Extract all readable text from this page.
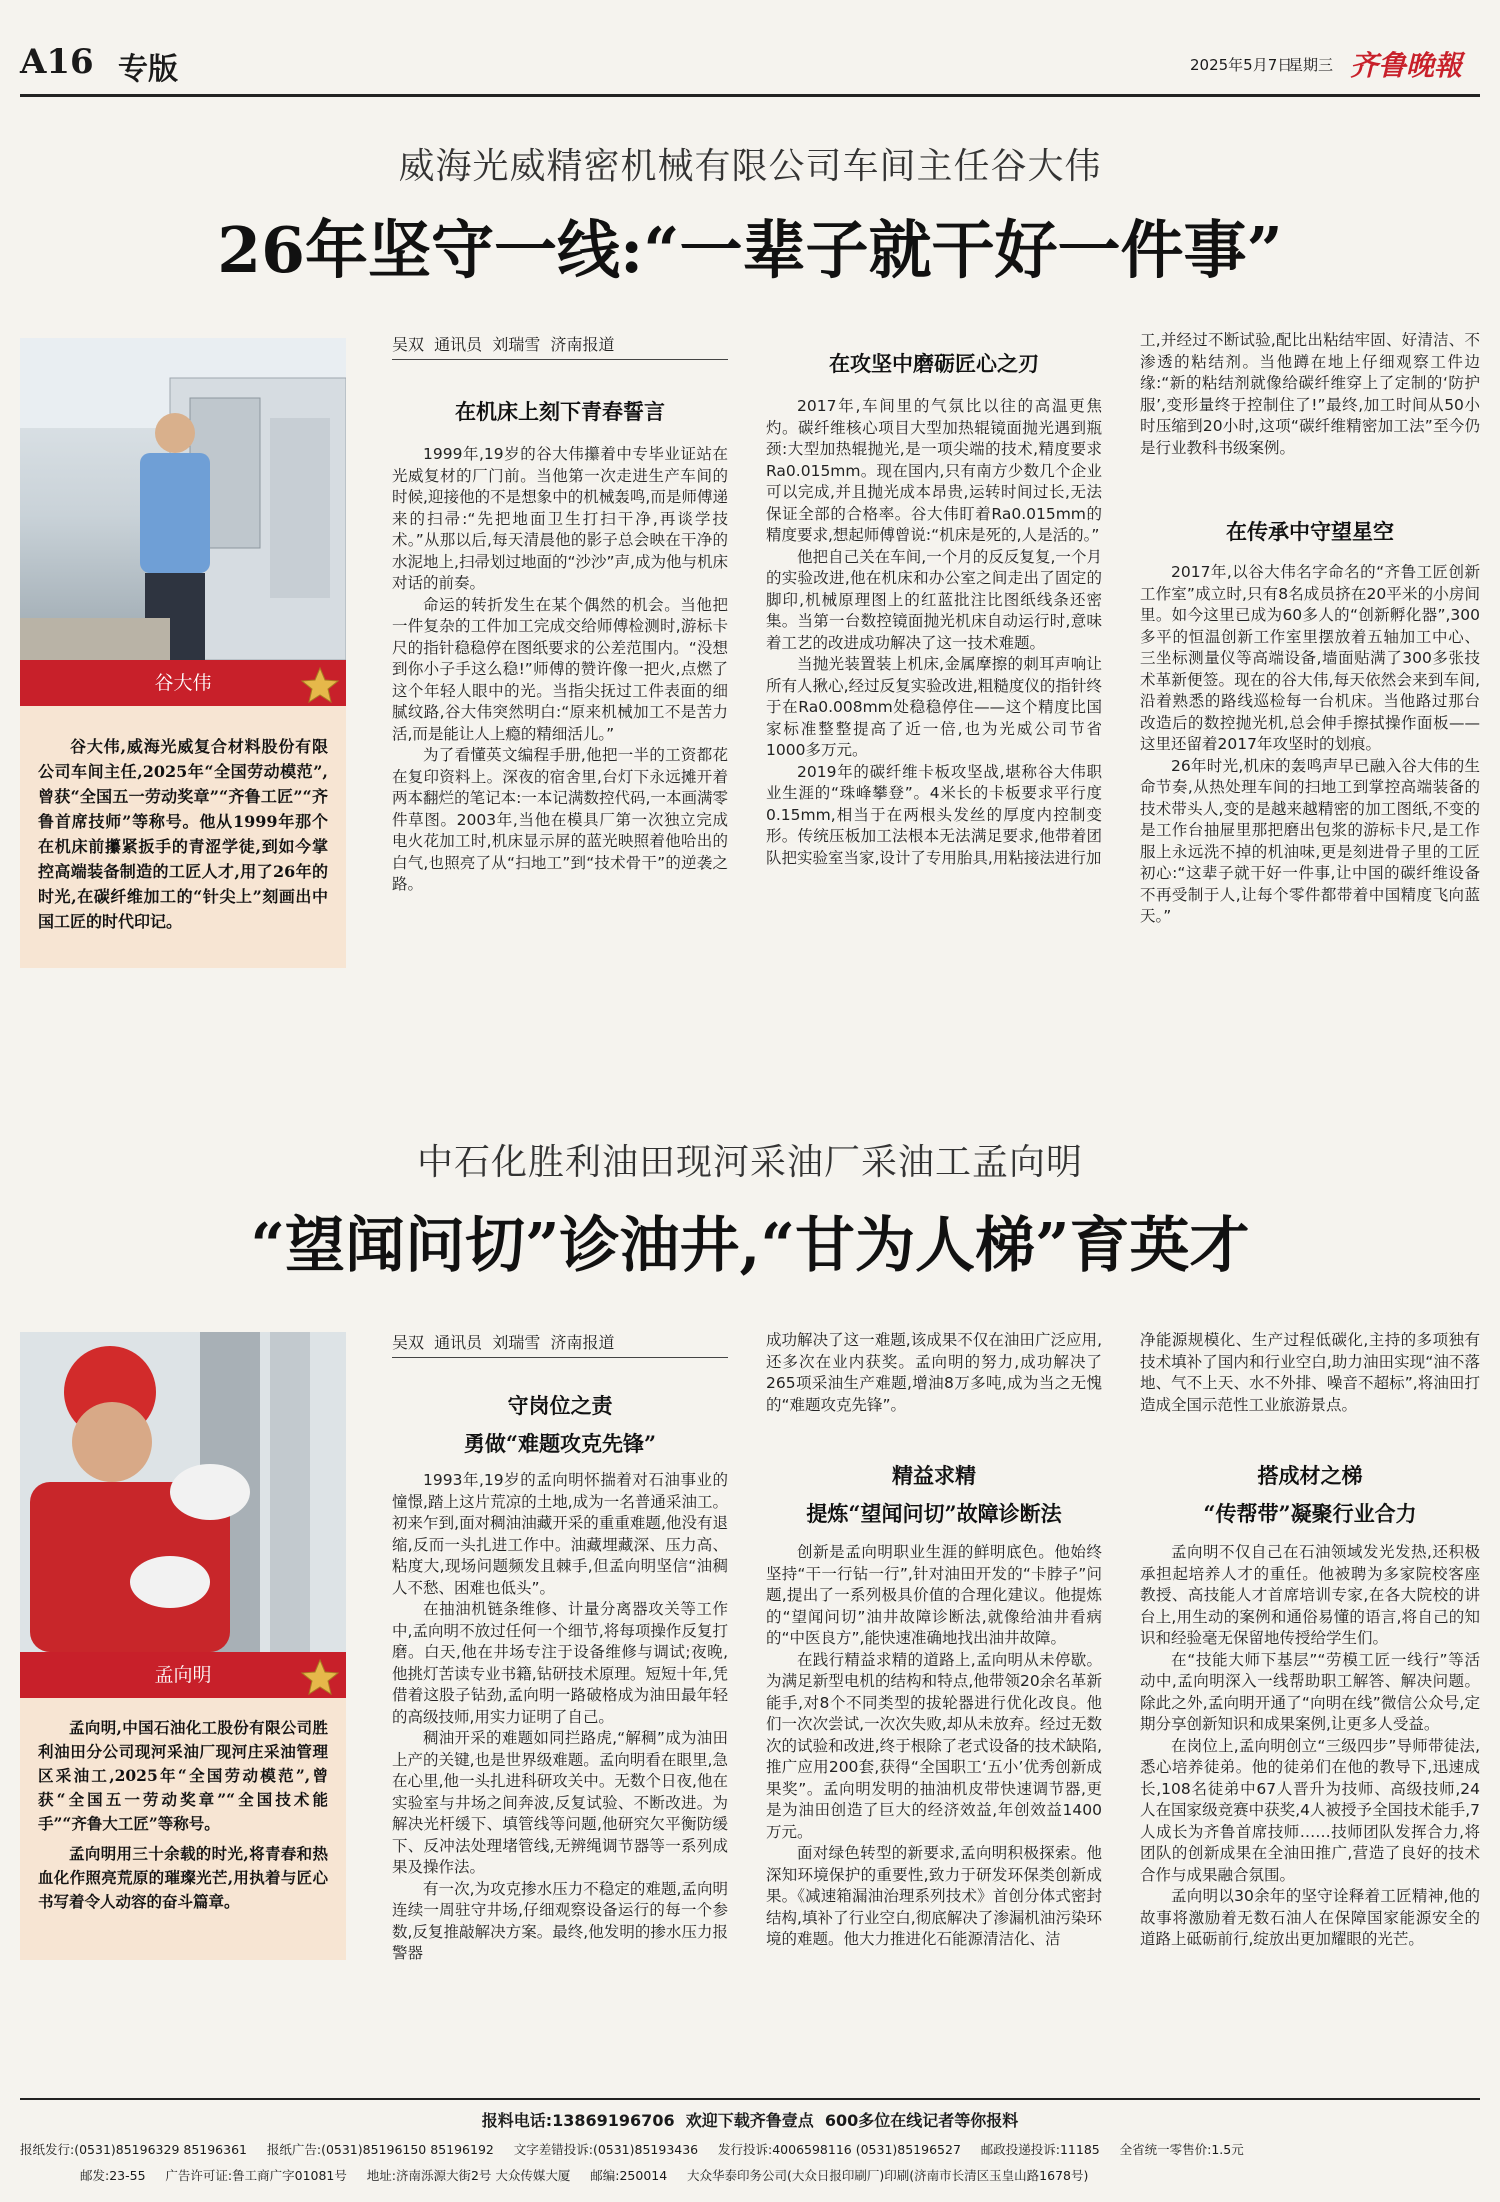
A16 专版	2025年5月7日
星期三 齐鲁晚報
威海光威精密机械有限公司车间主任谷大伟
26年坚守一线:“一辈子就干好一件事”
谷大伟

谷大伟,威海光威复合材料股份有限公司车间主任,2025年“全国劳动模范”,曾获“全国五一劳动奖章”“齐鲁工匠”“齐鲁首席技师”等称号。他从1999年那个在机床前攥紧扳手的青涩学徒,到如今掌控高端装备制造的工匠人才,用了26年的时光,在碳纤维加工的“针尖上”刻画出中国工匠的时代印记。

吴双  通讯员  刘瑞雪  济南报道
在机床上刻下青春誓言

1999年,19岁的谷大伟攥着中专毕业证站在光威复材的厂门前。当他第一次走进生产车间的时候,迎接他的不是想象中的机械轰鸣,而是师傅递来的扫帚:“先把地面卫生打扫干净,再谈学技术。”从那以后,每天清晨他的影子总会映在干净的水泥地上,扫帚划过地面的“沙沙”声,成为他与机床对话的前奏。

命运的转折发生在某个偶然的机会。当他把一件复杂的工件加工完成交给师傅检测时,游标卡尺的指针稳稳停在图纸要求的公差范围内。“没想到你小子手这么稳!”师傅的赞许像一把火,点燃了这个年轻人眼中的光。当指尖抚过工件表面的细腻纹路,谷大伟突然明白:“原来机械加工不是苦力活,而是能让人上瘾的精细活儿。”

为了看懂英文编程手册,他把一半的工资都花在复印资料上。深夜的宿舍里,台灯下永远摊开着两本翻烂的笔记本:一本记满数控代码,一本画满零件草图。2003年,当他在模具厂第一次独立完成电火花加工时,机床显示屏的蓝光映照着他哈出的白气,也照亮了从“扫地工”到“技术骨干”的逆袭之路。

在攻坚中磨砺匠心之刃

2017年,车间里的气氛比以往的高温更焦灼。碳纤维核心项目大型加热辊镜面抛光遇到瓶颈:大型加热辊抛光,是一项尖端的技术,精度要求Ra0.015mm。现在国内,只有南方少数几个企业可以完成,并且抛光成本昂贵,运转时间过长,无法保证全部的合格率。谷大伟盯着Ra0.015mm的精度要求,想起师傅曾说:“机床是死的,人是活的。”

他把自己关在车间,一个月的反反复复,一个月的实验改进,他在机床和办公室之间走出了固定的脚印,机械原理图上的红蓝批注比图纸线条还密集。当第一台数控镜面抛光机床自动运行时,意味着工艺的改进成功解决了这一技术难题。

当抛光装置装上机床,金属摩擦的刺耳声响让所有人揪心,经过反复实验改进,粗糙度仪的指针终于在Ra0.008mm处稳稳停住——这个精度比国家标准整整提高了近一倍,也为光威公司节省1000多万元。

2019年的碳纤维卡板攻坚战,堪称谷大伟职业生涯的“珠峰攀登”。4米长的卡板要求平行度0.15mm,相当于在两根头发丝的厚度内控制变形。传统压板加工法根本无法满足要求,他带着团队把实验室当家,设计了专用胎具,用粘接法进行加

工,并经过不断试验,配比出粘结牢固、好清洁、不渗透的粘结剂。当他蹲在地上仔细观察工件边缘:“新的粘结剂就像给碳纤维穿上了定制的‘防护服’,变形量终于控制住了!”最终,加工时间从50小时压缩到20小时,这项“碳纤维精密加工法”至今仍是行业教科书级案例。

在传承中守望星空

2017年,以谷大伟名字命名的“齐鲁工匠创新工作室”成立时,只有8名成员挤在20平米的小房间里。如今这里已成为60多人的“创新孵化器”,300多平的恒温创新工作室里摆放着五轴加工中心、三坐标测量仪等高端设备,墙面贴满了300多张技术革新便签。现在的谷大伟,每天依然会来到车间,沿着熟悉的路线巡检每一台机床。当他路过那台改造后的数控抛光机,总会伸手擦拭操作面板——这里还留着2017年攻坚时的划痕。

26年时光,机床的轰鸣声早已融入谷大伟的生命节奏,从热处理车间的扫地工到掌控高端装备的技术带头人,变的是越来越精密的加工图纸,不变的是工作台抽屉里那把磨出包浆的游标卡尺,是工作服上永远洗不掉的机油味,更是刻进骨子里的工匠初心:“这辈子就干好一件事,让中国的碳纤维设备不再受制于人,让每个零件都带着中国精度飞向蓝天。”

中石化胜利油田现河采油厂采油工孟向明
“望闻问切”诊油井,“甘为人梯”育英才
孟向明

孟向明,中国石油化工股份有限公司胜利油田分公司现河采油厂现河庄采油管理区采油工,2025年“全国劳动模范”,曾获“全国五一劳动奖章”“全国技术能手”“齐鲁大工匠”等称号。

孟向明用三十余载的时光,将青春和热血化作照亮荒原的璀璨光芒,用执着与匠心书写着令人动容的奋斗篇章。

吴双  通讯员  刘瑞雪  济南报道
守岗位之责
勇做“难题攻克先锋”

1993年,19岁的孟向明怀揣着对石油事业的憧憬,踏上这片荒凉的土地,成为一名普通采油工。初来乍到,面对稠油油藏开采的重重难题,他没有退缩,反而一头扎进工作中。油藏埋藏深、压力高、粘度大,现场问题频发且棘手,但孟向明坚信“油稠人不愁、困难也低头”。

在抽油机链条维修、计量分离器攻关等工作中,孟向明不放过任何一个细节,将每项操作反复打磨。白天,他在井场专注于设备维修与调试;夜晚,他挑灯苦读专业书籍,钻研技术原理。短短十年,凭借着这股子钻劲,孟向明一路破格成为油田最年轻的高级技师,用实力证明了自己。

稠油开采的难题如同拦路虎,“解稠”成为油田上产的关键,也是世界级难题。孟向明看在眼里,急在心里,他一头扎进科研攻关中。无数个日夜,他在实验室与井场之间奔波,反复试验、不断改进。为解决光杆缓下、填管线等问题,他研究欠平衡防缓下、反冲法处理堵管线,无辨绳调节器等一系列成果及操作法。

有一次,为攻克掺水压力不稳定的难题,孟向明连续一周驻守井场,仔细观察设备运行的每一个参数,反复推敲解决方案。最终,他发明的掺水压力报警器

成功解决了这一难题,该成果不仅在油田广泛应用,还多次在业内获奖。孟向明的努力,成功解决了265项采油生产难题,增油8万多吨,成为当之无愧的“难题攻克先锋”。

精益求精
提炼“望闻问切”故障诊断法

创新是孟向明职业生涯的鲜明底色。他始终坚持“干一行钻一行”,针对油田开发的“卡脖子”问题,提出了一系列极具价值的合理化建议。他提炼的“望闻问切”油井故障诊断法,就像给油井看病的“中医良方”,能快速准确地找出油井故障。

在践行精益求精的道路上,孟向明从未停歇。为满足新型电机的结构和特点,他带领20余名革新能手,对8个不同类型的拔轮器进行优化改良。他们一次次尝试,一次次失败,却从未放弃。经过无数次的试验和改进,终于根除了老式设备的技术缺陷,推广应用200套,获得“全国职工‘五小’优秀创新成果奖”。孟向明发明的抽油机皮带快速调节器,更是为油田创造了巨大的经济效益,年创效益1400万元。

面对绿色转型的新要求,孟向明积极探索。他深知环境保护的重要性,致力于研发环保类创新成果。《减速箱漏油治理系列技术》首创分体式密封结构,填补了行业空白,彻底解决了渗漏机油污染环境的难题。他大力推进化石能源清洁化、洁

净能源规模化、生产过程低碳化,主持的多项独有技术填补了国内和行业空白,助力油田实现“油不落地、气不上天、水不外排、噪音不超标”,将油田打造成全国示范性工业旅游景点。

搭成材之梯
“传帮带”凝聚行业合力

孟向明不仅自己在石油领域发光发热,还积极承担起培养人才的重任。他被聘为多家院校客座教授、高技能人才首席培训专家,在各大院校的讲台上,用生动的案例和通俗易懂的语言,将自己的知识和经验毫无保留地传授给学生们。

在“技能大师下基层”“劳模工匠一线行”等活动中,孟向明深入一线帮助职工解答、解决问题。除此之外,孟向明开通了“向明在线”微信公众号,定期分享创新知识和成果案例,让更多人受益。

在岗位上,孟向明创立“三级四步”导师带徒法,悉心培养徒弟。他的徒弟们在他的教导下,迅速成长,108名徒弟中67人晋升为技师、高级技师,24人在国家级竞赛中获奖,4人被授予全国技术能手,7人成长为齐鲁首席技师……技师团队发挥合力,将团队的创新成果在全油田推广,营造了良好的技术合作与成果融合氛围。

孟向明以30余年的坚守诠释着工匠精神,他的故事将激励着无数石油人在保障国家能源安全的道路上砥砺前行,绽放出更加耀眼的光芒。

报料电话:13869196706  欢迎下载齐鲁壹点  600多位在线记者等你报料
报纸发行:(0531)85196329 85196361     报纸广告:(0531)85196150 85196192     文字差错投诉:(0531)85193436     发行投诉:4006598116 (0531)85196527     邮政投递投诉:11185     全省统一零售价:1.5元
邮发:23-55     广告许可证:鲁工商广字01081号     地址:济南泺源大街2号 大众传媒大厦     邮编:250014     大众华泰印务公司(大众日报印刷厂)印刷(济南市长清区玉皇山路1678号)
